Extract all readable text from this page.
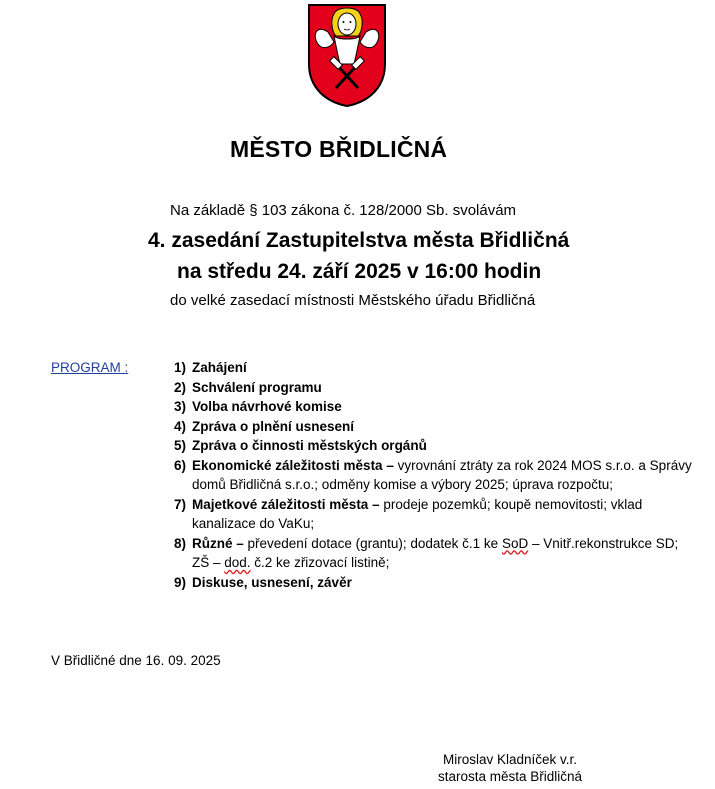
MĚSTO BŘIDLIČNÁ
Na základě § 103 zákona č. 128/2000 Sb. svolávám
4. zasedání Zastupitelstva města Břidličná
na středu 24. září 2025 v 16:00 hodin
do velké zasedací místnosti Městského úřadu Břidličná
PROGRAM :	1) Zahájení
2) Schválení programu
3) Volba návrhové komise
4) Zpráva o plnění usnesení
5) Zpráva o činnosti městských orgánů
6) Ekonomické záležitosti města – vyrovnání ztráty za rok 2024 MOS s.r.o. a Správy domů Břidličná s.r.o.; odměny komise a výbory 2025; úprava rozpočtu;
7) Majetkové záležitosti města – prodeje pozemků; koupě nemovitosti; vklad kanalizace do VaKu;
8) Různé – převedení dotace (grantu); dodatek č.1 ke SoD – Vnitř.rekonstrukce SD; ZŠ – dod. č.2 ke zřizovací listině;
9) Diskuse, usnesení, závěr
V Břidličné dne 16. 09. 2025
Miroslav Kladníček v.r.
starosta města Břidličná
